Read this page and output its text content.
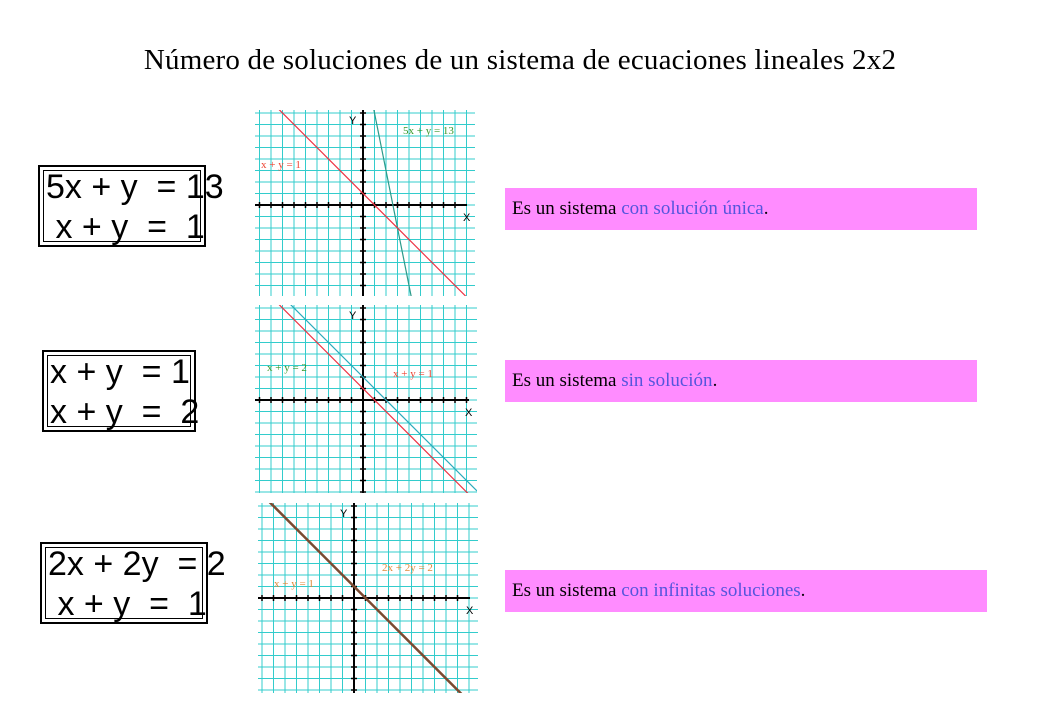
Número de soluciones de un sistema de ecuaciones lineales 2x2
5x + y  = 13
x + y  =  1	X
Y
5x + y = 13
x + y = 1
Es un sistema con solución única.
x + y  = 1
x + y  =  2	X
Y
x + y = 1
x + y = 2
Es un sistema sin solución.
2x + 2y  = 2
x + y  =  1	X
Y
2x + 2y = 2
x + y = 1	Es un sistema con infinitas soluciones.
